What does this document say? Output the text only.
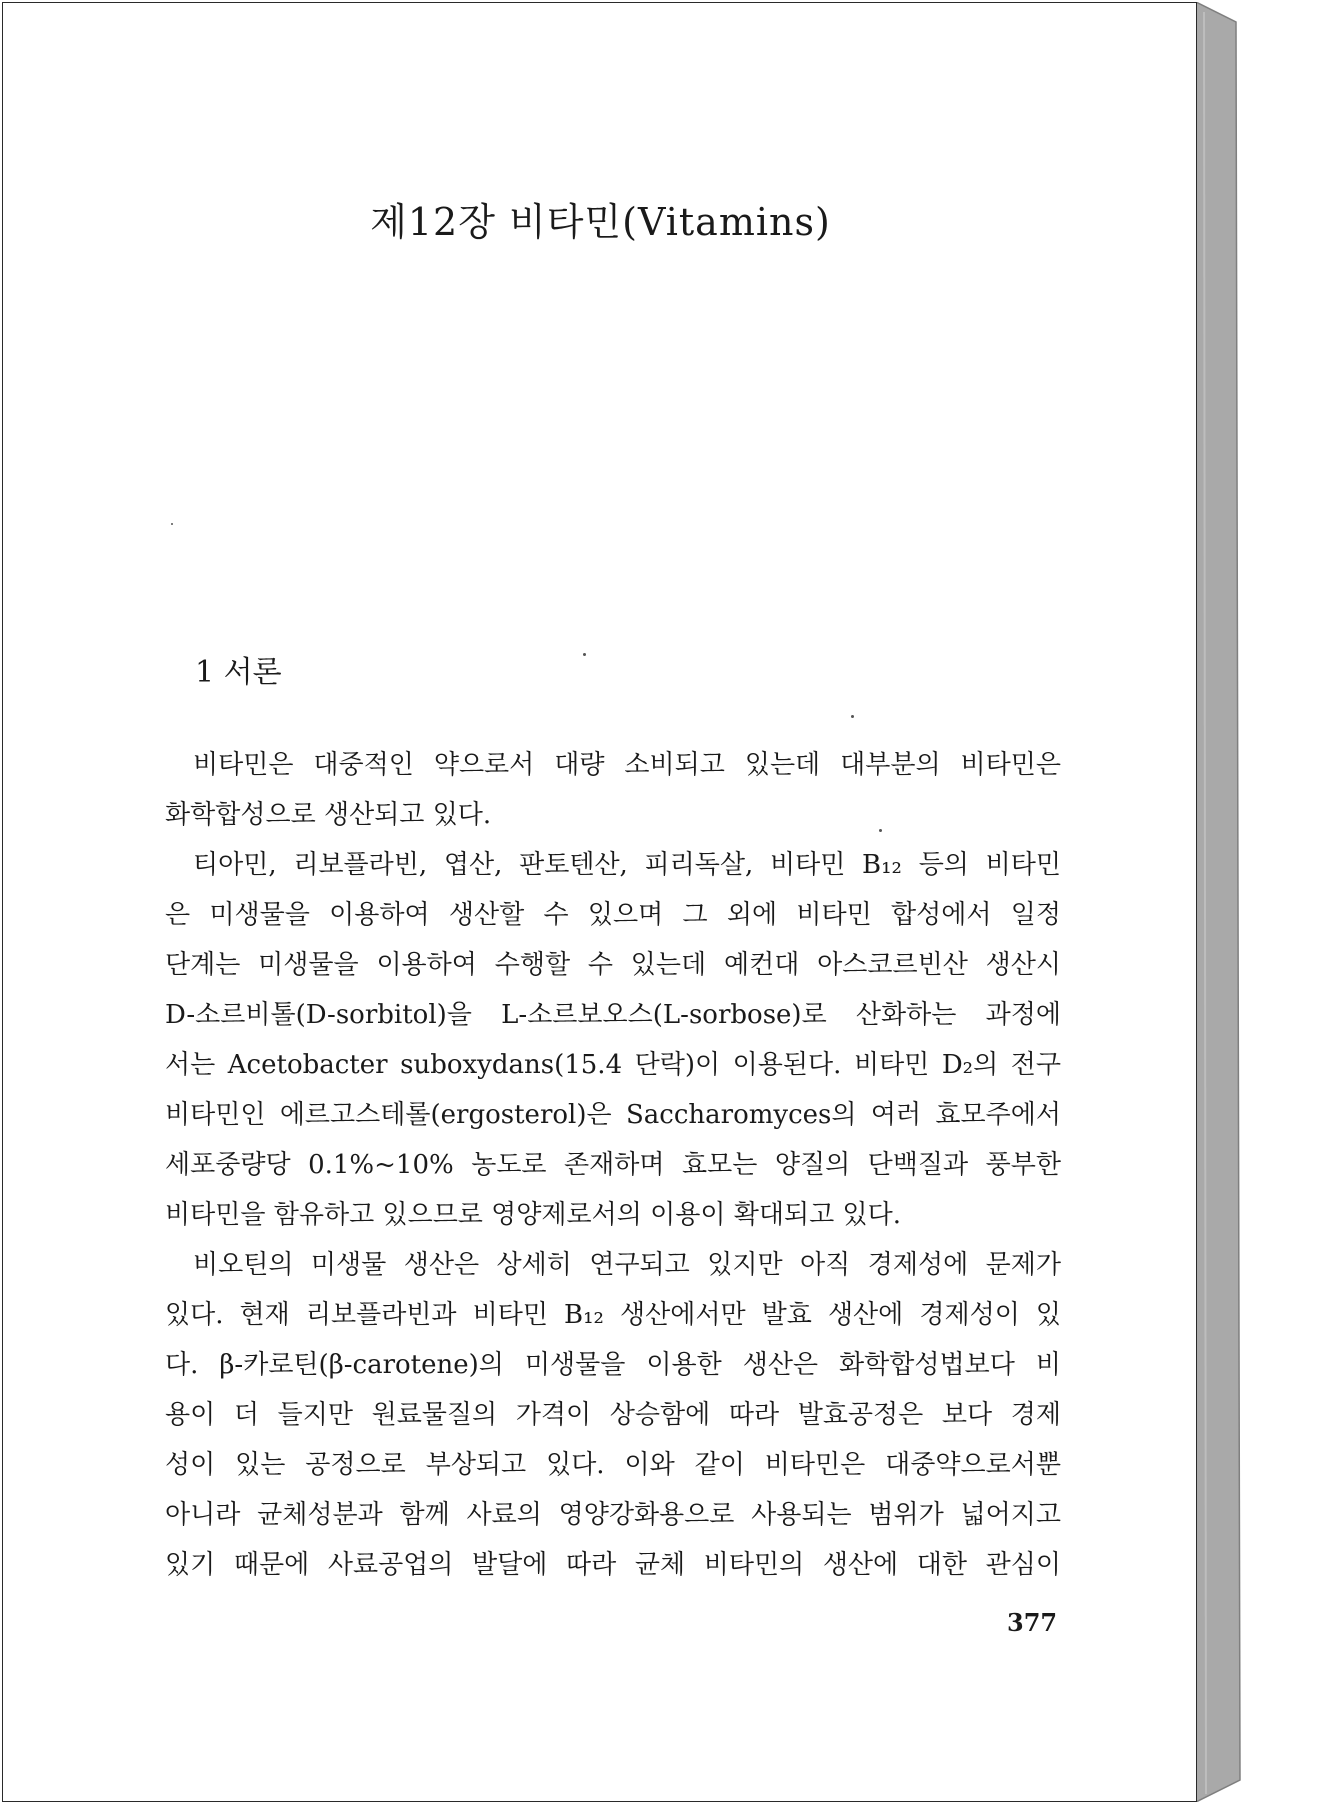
제12장 비타민(Vitamins)
1 서론
비타민은 대중적인 약으로서 대량 소비되고 있는데 대부분의 비타민은
화학합성으로 생산되고 있다.
티아민, 리보플라빈, 엽산, 판토텐산, 피리독살, 비타민 B₁₂ 등의 비타민
은 미생물을 이용하여 생산할 수 있으며 그 외에 비타민 합성에서 일정
단계는 미생물을 이용하여 수행할 수 있는데 예컨대 아스코르빈산 생산시
D-소르비톨(D-sorbitol)을 L-소르보오스(L-sorbose)로 산화하는 과정에
서는 Acetobacter suboxydans(15.4 단락)이 이용된다. 비타민 D₂의 전구
비타민인 에르고스테롤(ergosterol)은 Saccharomyces의 여러 효모주에서
세포중량당 0.1%~10% 농도로 존재하며 효모는 양질의 단백질과 풍부한
비타민을 함유하고 있으므로 영양제로서의 이용이 확대되고 있다.
비오틴의 미생물 생산은 상세히 연구되고 있지만 아직 경제성에 문제가
있다. 현재 리보플라빈과 비타민 B₁₂ 생산에서만 발효 생산에 경제성이 있
다. β-카로틴(β-carotene)의 미생물을 이용한 생산은 화학합성법보다 비
용이 더 들지만 원료물질의 가격이 상승함에 따라 발효공정은 보다 경제
성이 있는 공정으로 부상되고 있다. 이와 같이 비타민은 대중약으로서뿐
아니라 균체성분과 함께 사료의 영양강화용으로 사용되는 범위가 넓어지고
있기 때문에 사료공업의 발달에 따라 균체 비타민의 생산에 대한 관심이
377
